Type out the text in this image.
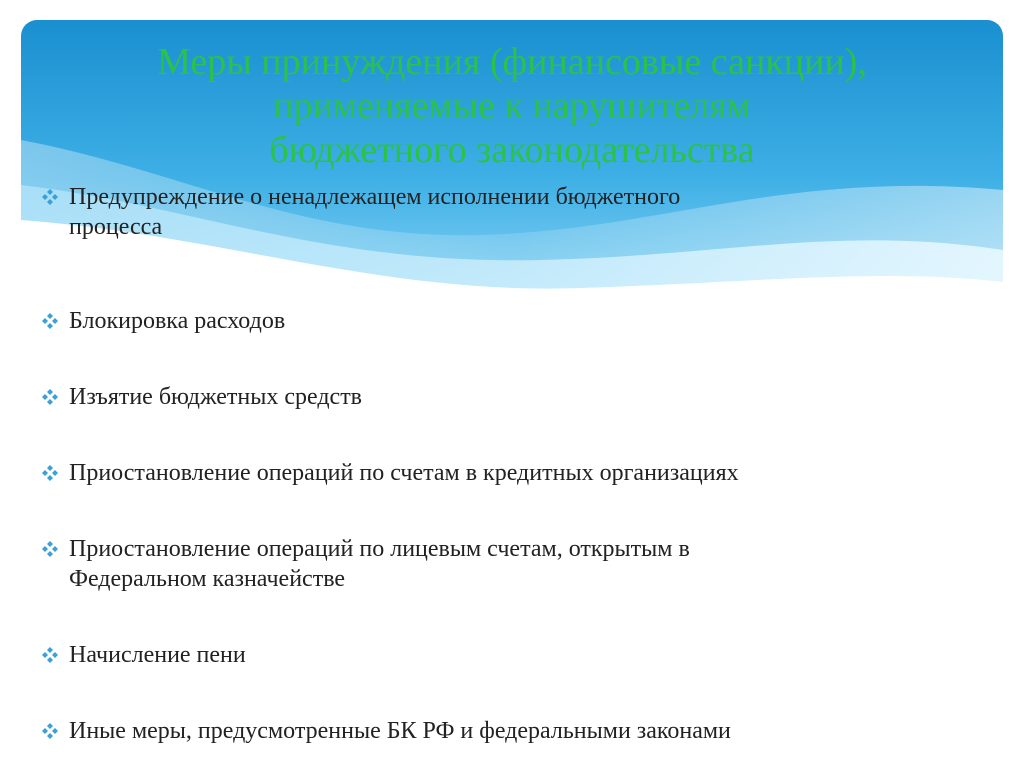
Меры принуждения (финансовые санкции),
применяемые к нарушителям
бюджетного законодательства
Предупреждение о ненадлежащем исполнении бюджетного
процесса
Блокировка расходов
Изъятие бюджетных средств
Приостановление операций по счетам в кредитных организациях
Приостановление операций по лицевым счетам, открытым в
Федеральном казначействе
Начисление пени
Иные меры, предусмотренные БК РФ и федеральными законами
